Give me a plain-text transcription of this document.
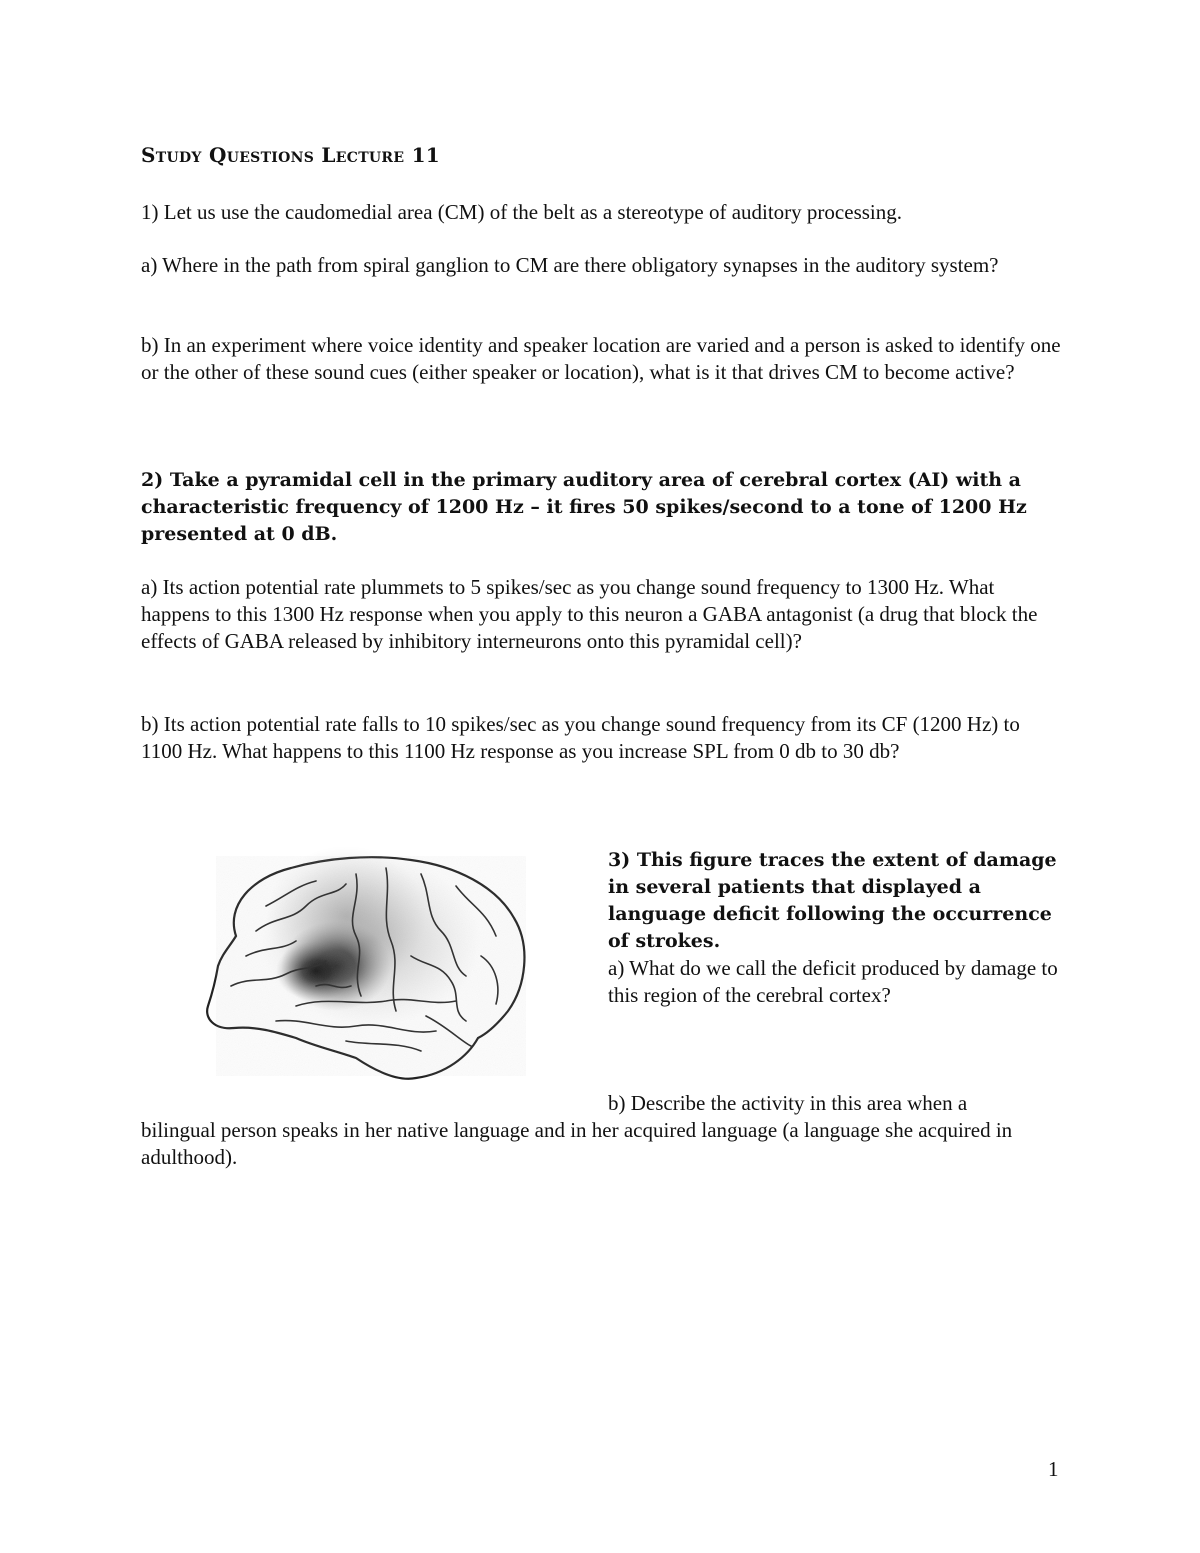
Study Questions Lecture 11
1) Let us use the caudomedial area (CM) of the belt as a stereotype of auditory processing.
a) Where in the path from spiral ganglion to CM are there obligatory synapses in the auditory system?
b) In an experiment where voice identity and speaker location are varied and a person is asked to identify one or the other of these sound cues (either speaker or location), what is it that drives CM to become active?
2) Take a pyramidal cell in the primary auditory area of cerebral cortex (AI) with a characteristic frequency of 1200 Hz – it fires 50 spikes/second to a tone of 1200 Hz presented at 0 dB.
a) Its action potential rate plummets to 5 spikes/sec as you change sound frequency to 1300 Hz. What happens to this 1300 Hz response when you apply to this neuron a GABA antagonist (a drug that block the effects of GABA released by inhibitory interneurons onto this pyramidal cell)?
b) Its action potential rate falls to 10 spikes/sec as you change sound frequency from its CF (1200 Hz) to 1100 Hz. What happens to this 1100 Hz response as you increase SPL from 0 db to 30 db?
3) This figure traces the extent of damage in several patients that displayed a language deficit following the occurrence of strokes.
a) What do we call the deficit produced by damage to this region of the cerebral cortex?
b) Describe the activity in this area when a
bilingual person speaks in her native language and in her acquired language (a language she acquired in adulthood).
1
